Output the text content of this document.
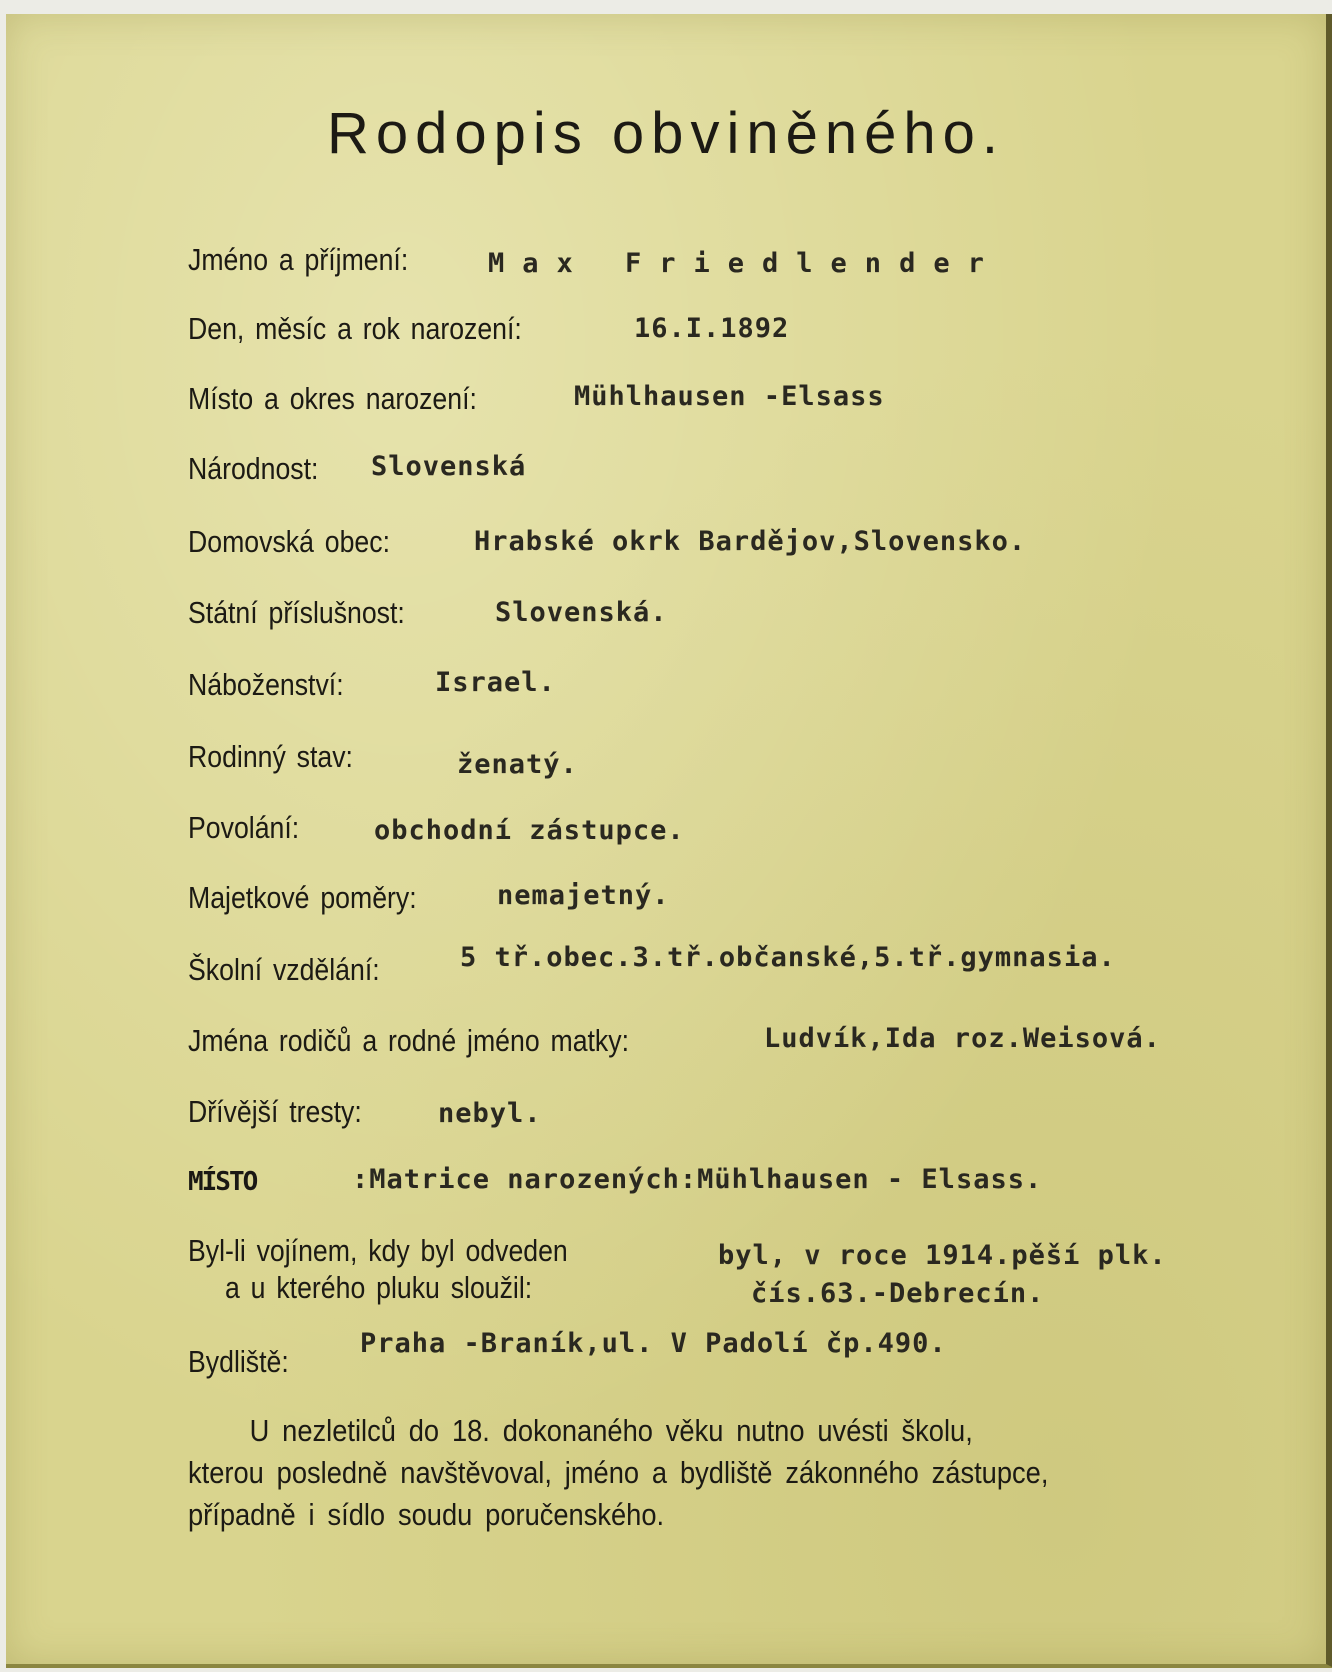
Rodopis obviněného.
Jméno a příjmení:	Max Friedlender
Den, měsíc a rok narození:	16.I.1892
Místo a okres narození:	Mühlhausen -Elsass
Národnost: Slovenská
Domovská obec:	Hrabské okrk Bardějov,Slovensko.
Státní příslušnost:	Slovenská.
Náboženství:	Israel.
Rodinný stav:	ženatý.
Povolání:	obchodní zástupce.
Majetkové poměry:	nemajetný.
Školní vzdělání:	5 tř.obec.3.tř.občanské,5.tř.gymnasia.
Jména rodičů a rodné jméno matky:	Ludvík,Ida roz.Weisová.
Dřívější tresty:	nebyl.
MÍSTO	:Matrice narozených:Mühlhausen - Elsass.
Byl-li vojínem, kdy byl odveden	byl, v roce 1914.pěší plk.
a u kterého pluku sloužil:	čís.63.-Debrecín.
Bydliště:
Praha -Braník,ul. V Padolí čp.490.
U nezletilců do 18. dokonaného věku nutno uvésti školu,
kterou posledně navštěvoval, jméno a bydliště zákonného zástupce,
případně i sídlo soudu poručenského.
